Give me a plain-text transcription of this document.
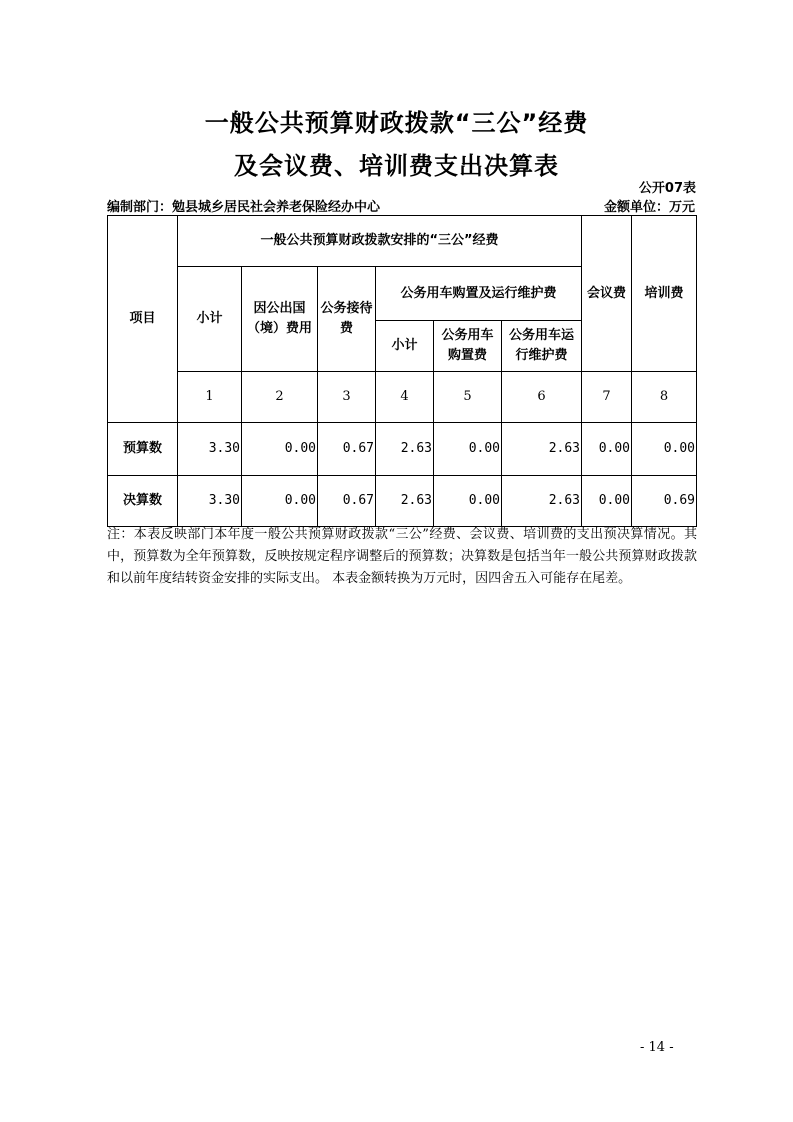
一般公共预算财政拨款“三公”经费
及会议费、培训费支出决算表
公开07表
编制部门：勉县城乡居民社会养老保险经办中心	金额单位：万元
项目	一般公共预算财政拨款安排的“三公”经费						会议费	培训费
	小计	因公出国（境）费用	公务接待费	公务用车购置及运行维护费				
				小计	公务用车购置费	公务用车运行维护费		
	1	2	3	4	5	6	7	8
预算数	3.30	0.00	0.67	2.63	0.00	2.63	0.00	0.00
决算数	3.30	0.00	0.67	2.63	0.00	2.63	0.00	0.69
注：本表反映部门本年度一般公共预算财政拨款“三公”经费、会议费、培训费的支出预决算情况。其中，预算数为全年预算数，反映按规定程序调整后的预算数；决算数是包括当年一般公共预算财政拨款和以前年度结转资金安排的实际支出。 本表金额转换为万元时，因四舍五入可能存在尾差。
- 14 -
